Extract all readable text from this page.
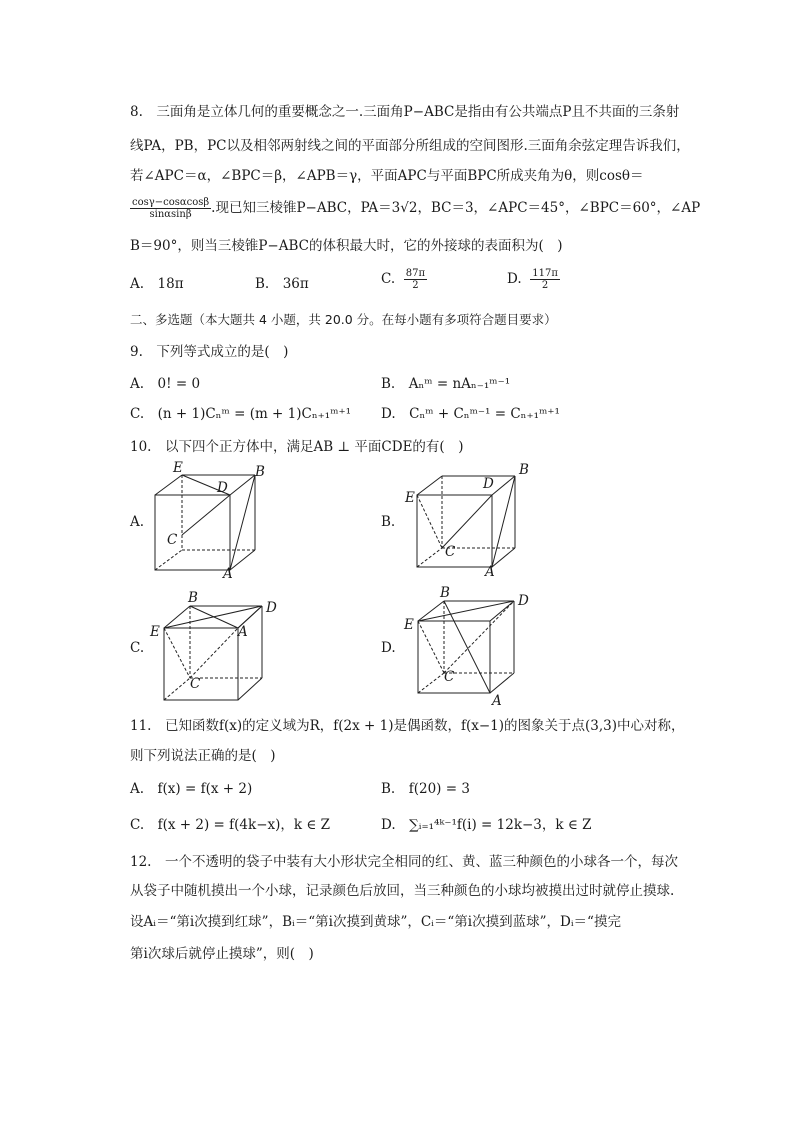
8.　三面角是立体几何的重要概念之一.三面角P−ABC是指由有公共端点P且不共面的三条射
线PA，PB，PC以及相邻两射线之间的平面部分所组成的空间图形.三面角余弦定理告诉我们，
若∠APC＝α，∠BPC＝β，∠APB＝γ，平面APC与平面BPC所成夹角为θ，则cosθ＝
$\frac{\cos\gamma-\cos\alpha\cos\beta}{\sin\alpha\sin\beta}$ .现已知三棱锥P−ABC，PA＝3√2，BC＝3，∠APC＝45°，∠BPC＝60°，∠AP
B＝90°，则当三棱锥P−ABC的体积最大时，它的外接球的表面积为(　)
A.　18π	B.　36π	C. $\frac{87\pi}{2}$	D. $\frac{117\pi}{2}$
二、多选题（本大题共 4 小题，共 20.0 分。在每小题有多项符合题目要求）
9.　下列等式成立的是(　)
A.　0! = 0	B.　Aₙᵐ = nAₙ₋₁ᵐ⁻¹
C.　(n + 1)Cₙᵐ = (m + 1)Cₙ₊₁ᵐ⁺¹ D.　Cₙᵐ + Cₙᵐ⁻¹ = Cₙ₊₁ᵐ⁺¹
10.　以下四个正方体中，满足AB ⊥ 平面CDE的有(　)
A.
E
D
B
C
A
B.
E
D
B
C
A
C.
B
D
E	A
C
D.
B	D
E
C
A
11.　已知函数f(x)的定义域为R，f(2x + 1)是偶函数，f(x−1)的图象关于点(3,3)中心对称，
则下列说法正确的是(　)
A.　f(x) = f(x + 2)	B.　f(20) = 3
C.　f(x + 2) = f(4k−x)，k ∈ Z	D.　∑ᵢ₌₁⁴ᵏ⁻¹f(i) = 12k−3，k ∈ Z
12.　一个不透明的袋子中装有大小形状完全相同的红、黄、蓝三种颜色的小球各一个，每次
从袋子中随机摸出一个小球，记录颜色后放回，当三种颜色的小球均被摸出过时就停止摸球.
设Aᵢ＝“第i次摸到红球”，Bᵢ＝“第i次摸到黄球”，Cᵢ＝“第i次摸到蓝球”，Dᵢ＝“摸完
第i次球后就停止摸球”，则(　)
